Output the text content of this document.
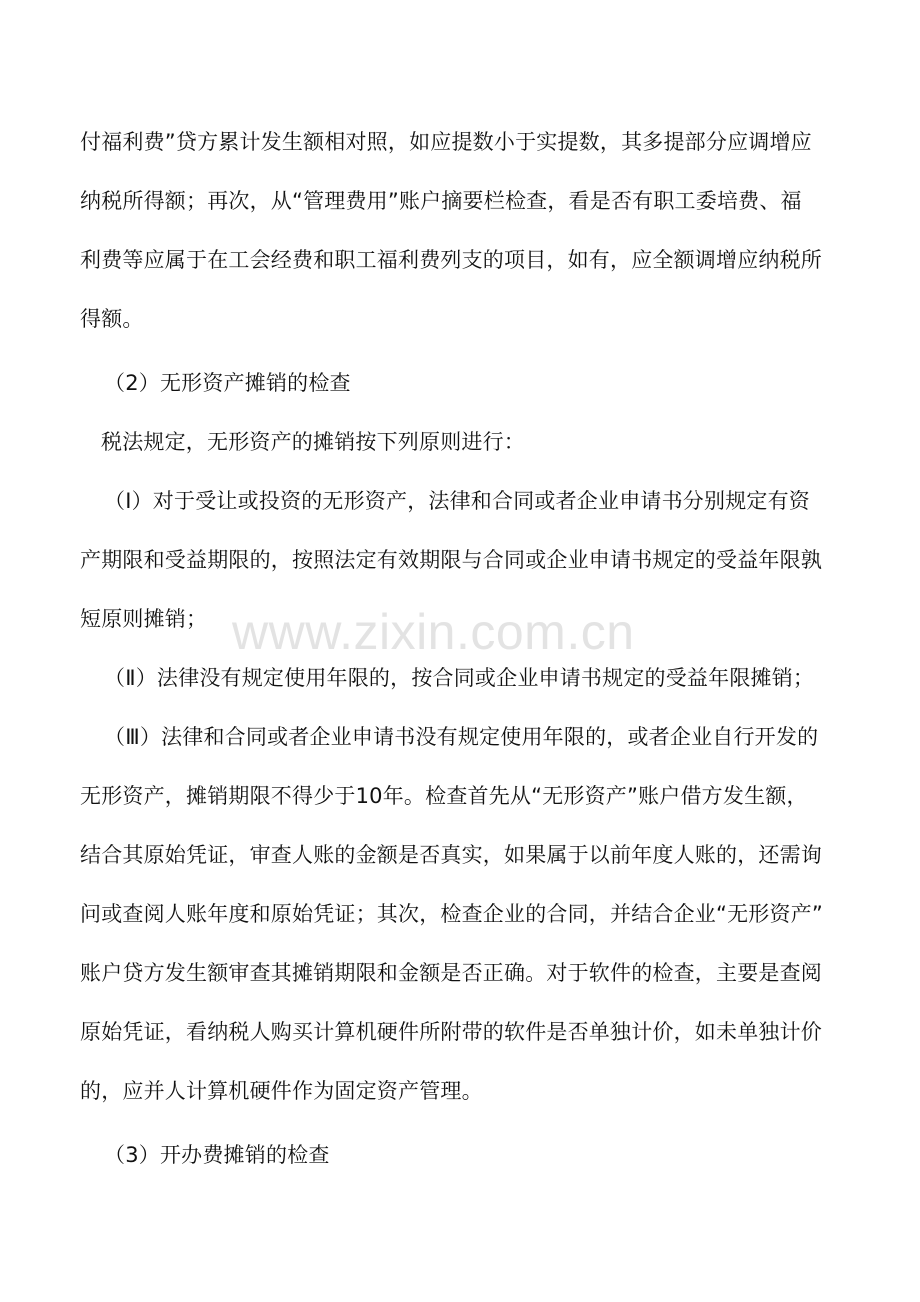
付福利费”贷方累计发生额相对照，如应提数小于实提数，其多提部分应调增应
纳税所得额；再次，从“管理费用”账户摘要栏检查，看是否有职工委培费、福
利费等应属于在工会经费和职工福利费列支的项目，如有，应全额调增应纳税所
得额。
（2）无形资产摊销的检查
税法规定，无形资产的摊销按下列原则进行：
（Ⅰ）对于受让或投资的无形资产，法律和合同或者企业申请书分别规定有资
产期限和受益期限的，按照法定有效期限与合同或企业申请书规定的受益年限孰
短原则摊销；
（Ⅱ）法律没有规定使用年限的，按合同或企业申请书规定的受益年限摊销；
（Ⅲ）法律和合同或者企业申请书没有规定使用年限的，或者企业自行开发的
无形资产，摊销期限不得少于10年。检查首先从“无形资产”账户借方发生额，
结合其原始凭证，审查人账的金额是否真实，如果属于以前年度人账的，还需询
问或查阅人账年度和原始凭证；其次，检查企业的合同，并结合企业“无形资产”
账户贷方发生额审查其摊销期限和金额是否正确。对于软件的检查，主要是查阅
原始凭证，看纳税人购买计算机硬件所附带的软件是否单独计价，如未单独计价
的，应并人计算机硬件作为固定资产管理。
（3）开办费摊销的检查
www.zixin.com.cn
